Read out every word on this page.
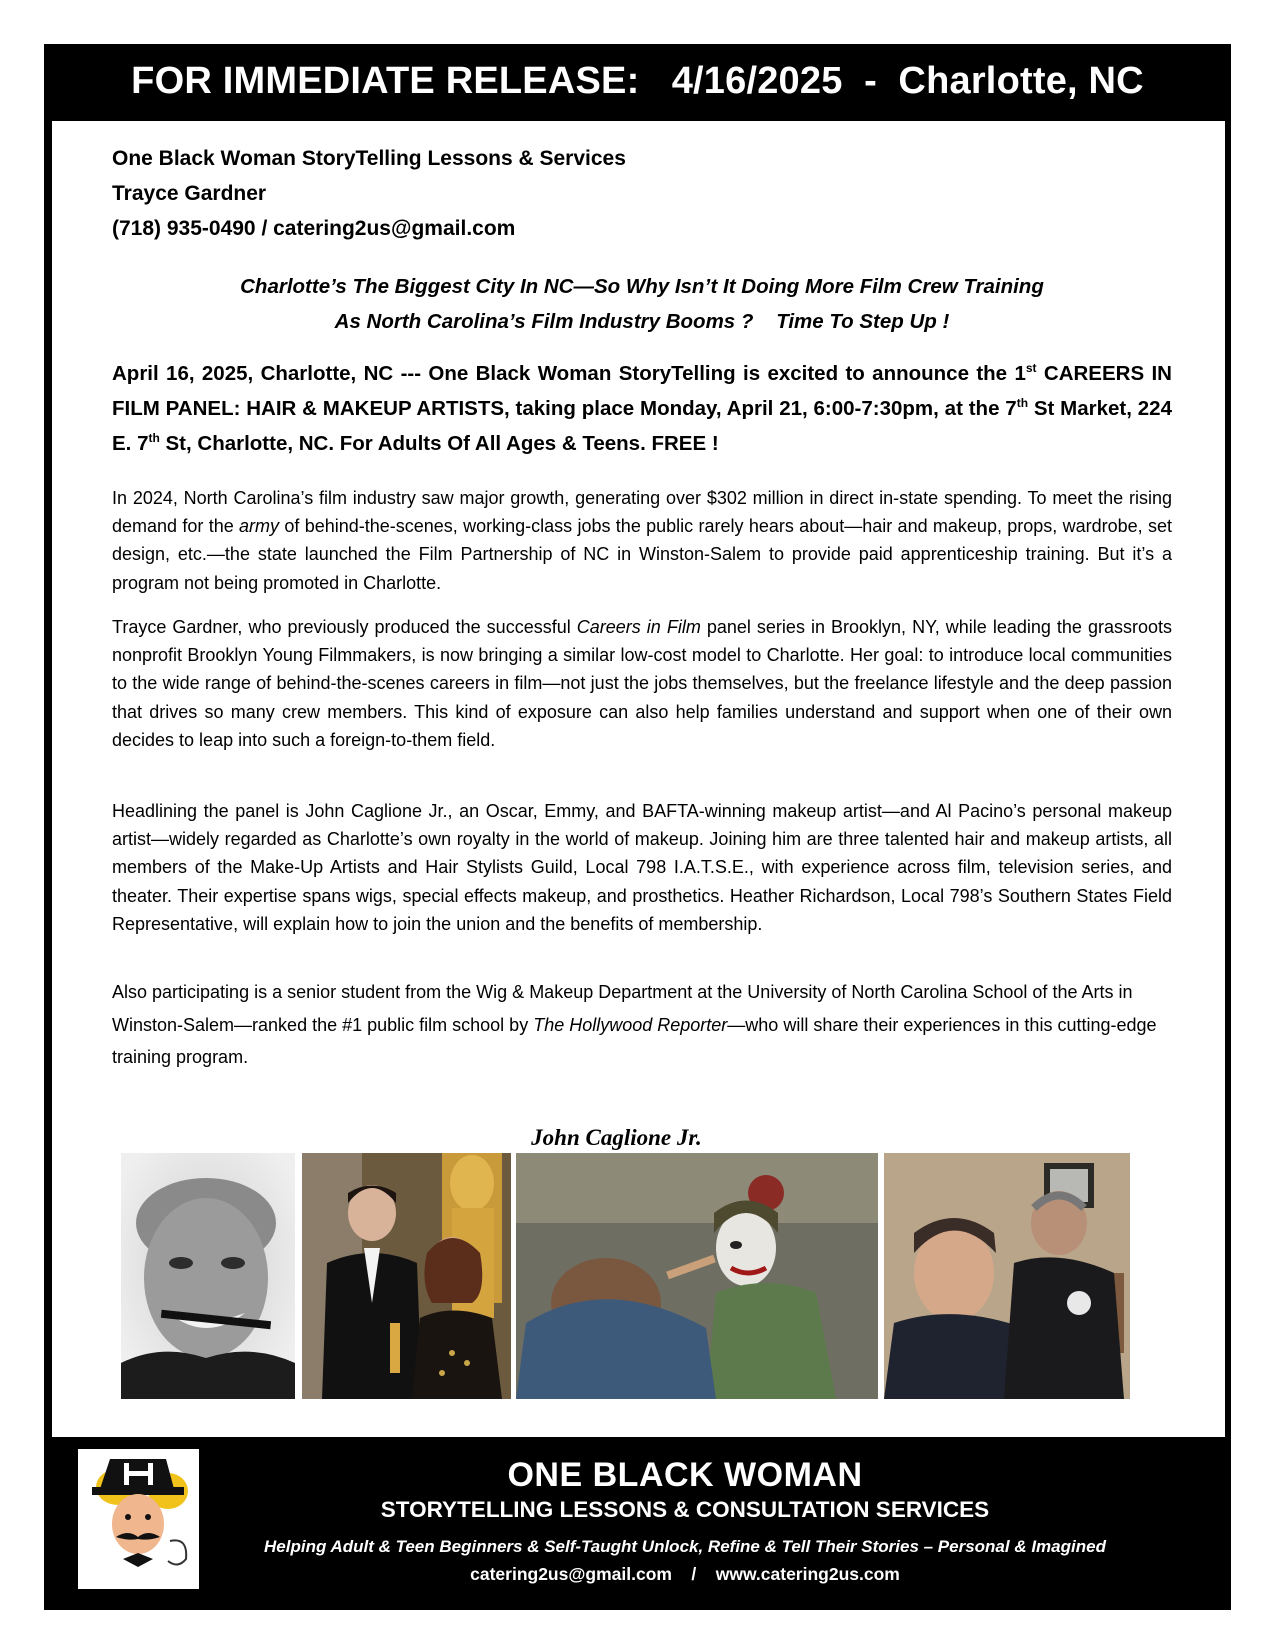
FOR IMMEDIATE RELEASE:   4/16/2025  -  Charlotte, NC
One Black Woman StoryTelling Lessons & Services
Trayce Gardner
(718) 935-0490 / catering2us@gmail.com
Charlotte’s The Biggest City In NC—So Why Isn’t It Doing More Film Crew Training
As North Carolina’s Film Industry Booms ?    Time To Step Up !
April 16, 2025, Charlotte, NC --- One Black Woman StoryTelling is excited to announce the 1st CAREERS IN FILM PANEL: HAIR & MAKEUP ARTISTS, taking place Monday, April 21, 6:00-7:30pm, at the 7th St Market, 224 E. 7th St, Charlotte, NC. For Adults Of All Ages & Teens. FREE !
In 2024, North Carolina’s film industry saw major growth, generating over $302 million in direct in-state spending. To meet the rising demand for the army of behind-the-scenes, working-class jobs the public rarely hears about—hair and makeup, props, wardrobe, set design, etc.—the state launched the Film Partnership of NC in Winston-Salem to provide paid apprenticeship training. But it’s a program not being promoted in Charlotte.
Trayce Gardner, who previously produced the successful Careers in Film panel series in Brooklyn, NY, while leading the grassroots nonprofit Brooklyn Young Filmmakers, is now bringing a similar low-cost model to Charlotte. Her goal: to introduce local communities to the wide range of behind-the-scenes careers in film—not just the jobs themselves, but the freelance lifestyle and the deep passion that drives so many crew members. This kind of exposure can also help families understand and support when one of their own decides to leap into such a foreign-to-them field.
Headlining the panel is John Caglione Jr., an Oscar, Emmy, and BAFTA-winning makeup artist—and Al Pacino’s personal makeup artist—widely regarded as Charlotte’s own royalty in the world of makeup. Joining him are three talented hair and makeup artists, all members of the Make-Up Artists and Hair Stylists Guild, Local 798 I.A.T.S.E., with experience across film, television series, and theater. Their expertise spans wigs, special effects makeup, and prosthetics. Heather Richardson, Local 798’s Southern States Field Representative, will explain how to join the union and the benefits of membership.
Also participating is a senior student from the Wig & Makeup Department at the University of North Carolina School of the Arts in Winston-Salem—ranked the #1 public film school by The Hollywood Reporter—who will share their experiences in this cutting-edge training program.
John Caglione Jr.
ONE BLACK WOMAN
STORYTELLING LESSONS & CONSULTATION SERVICES
Helping Adult & Teen Beginners & Self-Taught Unlock, Refine & Tell Their Stories – Personal & Imagined
catering2us@gmail.com    /    www.catering2us.com
